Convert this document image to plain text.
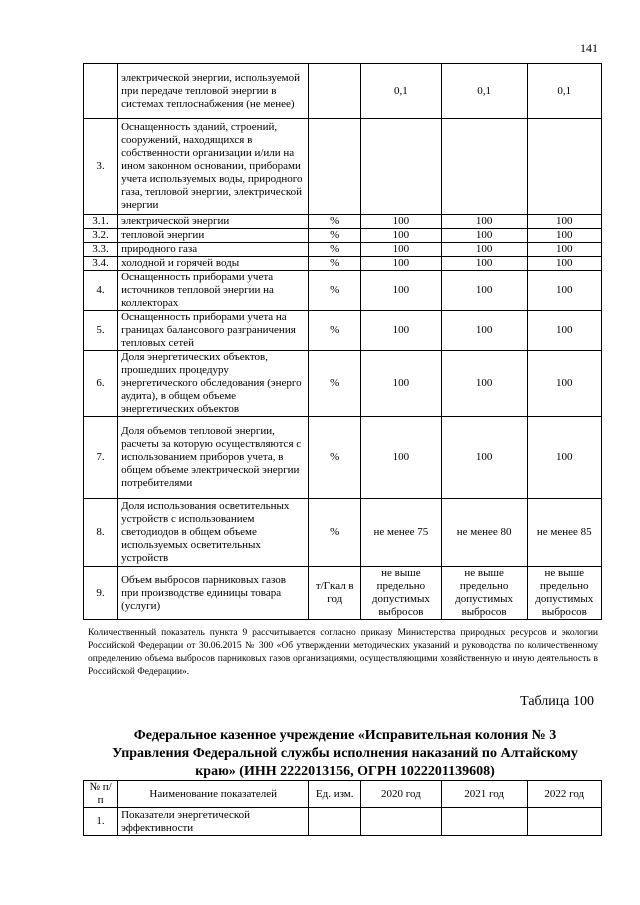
141
	электрической энергии, используемой при передаче тепловой энергии в системах теплоснабжения (не менее)		0,1	0,1	0,1
3.	Оснащенность зданий, строений, сооружений, находящихся в собственности организации и/или на ином законном основании, приборами учета используемых воды, природного газа, тепловой энергии, электрической энергии				
3.1.	электрической энергии	%	100	100	100
3.2.	тепловой энергии	%	100	100	100
3.3.	природного газа	%	100	100	100
3.4.	холодной и горячей воды	%	100	100	100
4.	Оснащенность приборами учета источников тепловой энергии на коллекторах	%	100	100	100
5.	Оснащенность приборами учета на границах балансового разграничения тепловых сетей	%	100	100	100
6.	Доля энергетических объектов, прошедших процедуру энергетического обследования (энерго аудита), в общем объеме энергетических объектов	%	100	100	100
7.	Доля объемов тепловой энергии, расчеты за которую осуществляются с использованием приборов учета, в общем объеме электрической энергии потребителями	%	100	100	100
8.	Доля использования осветительных устройств с использованием светодиодов в общем объеме используемых осветительных устройств	%	не менее 75	не менее 80	не менее 85
9.	Объем выбросов парниковых газов при производстве единицы товара (услуги)	т/Гкал в год	не выше предельно допустимых выбросов	не выше предельно допустимых выбросов	не выше предельно допустимых выбросов
Количественный показатель пункта 9 рассчитывается согласно приказу Министерства природных ресурсов и экологии Российской Федерации от 30.06.2015 № 300 «Об утверждении методических указаний и руководства по количественному определению объема выбросов парниковых газов организациями, осуществляющими хозяйственную и иную деятельность в Российской Федерации».
Таблица 100
Федеральное казенное учреждение «Исправительная колония № 3 Управления Федеральной службы исполнения наказаний по Алтайскому краю» (ИНН 2222013156, ОГРН 1022201139608)
№ п/п	Наименование показателей	Ед. изм.	2020 год	2021 год	2022 год
1.	Показатели энергетической эффективности				
